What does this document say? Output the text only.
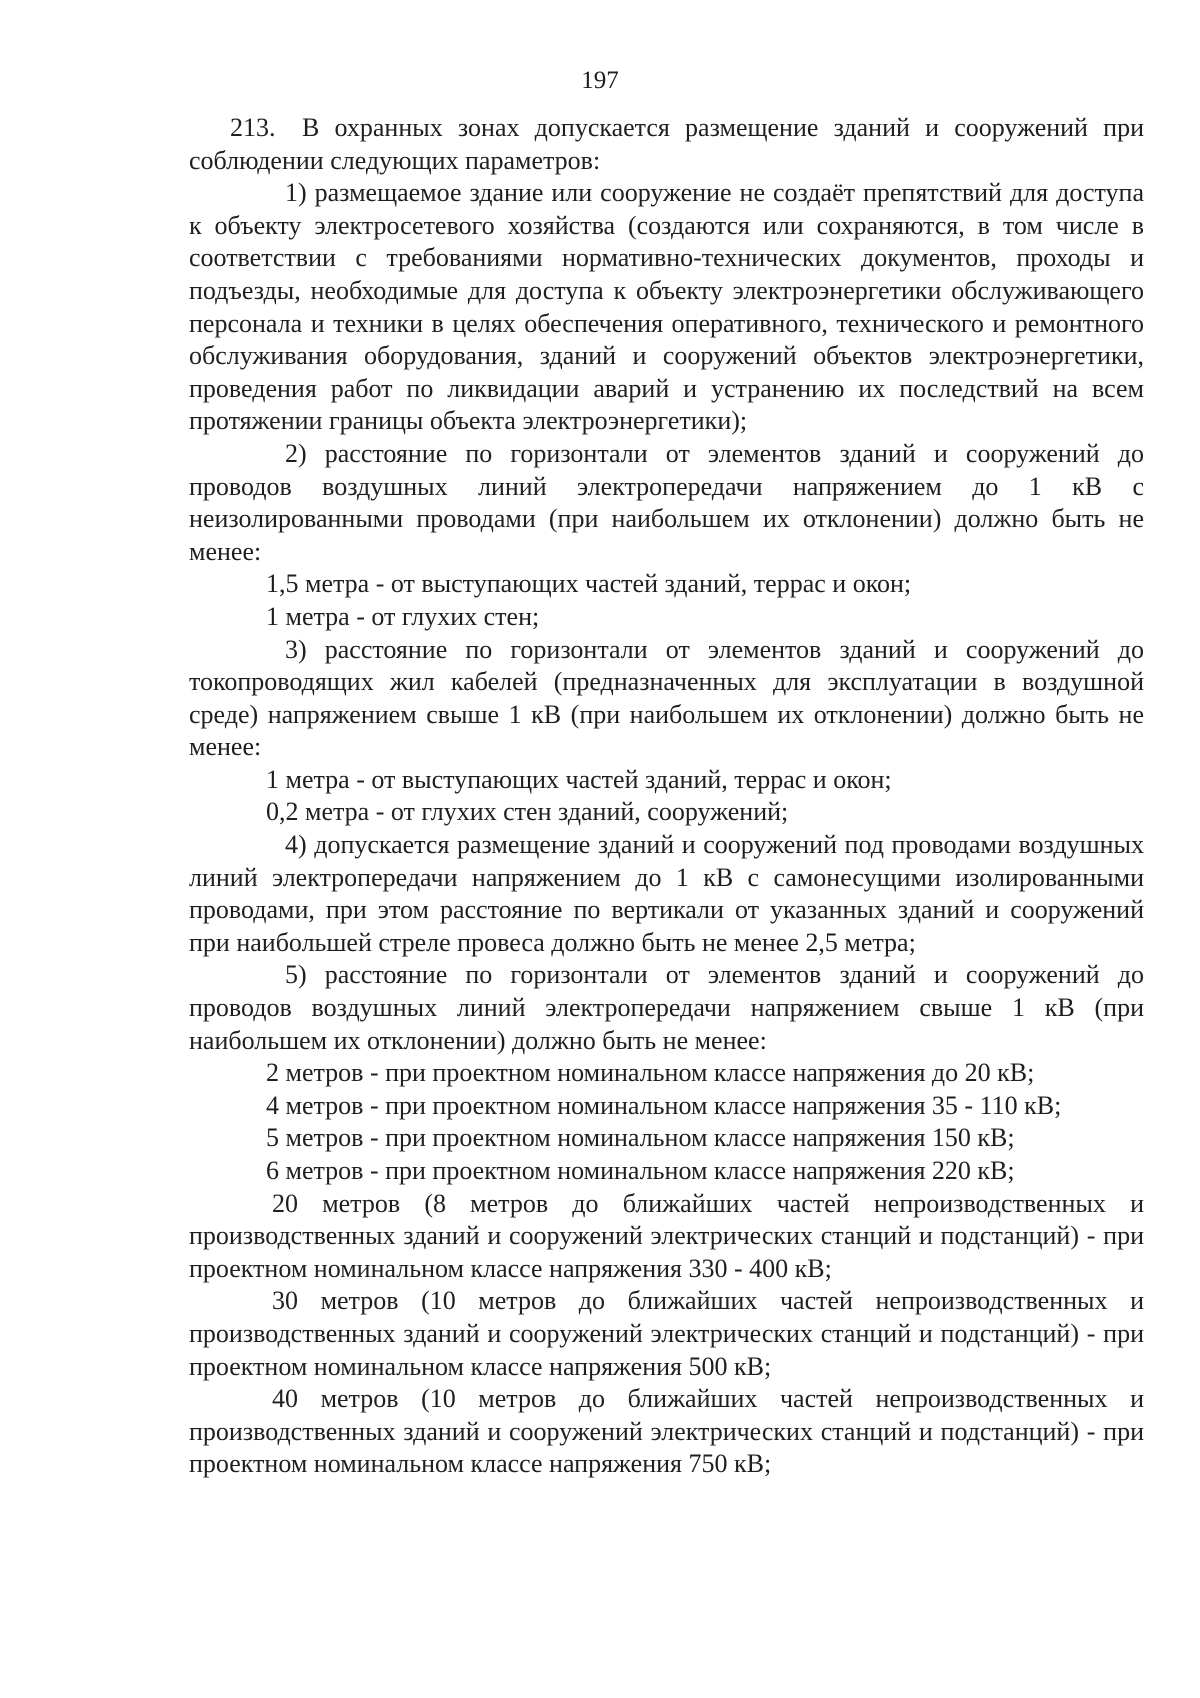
197

213. В охранных зонах допускается размещение зданий и сооружений при соблюдении следующих параметров:

1) размещаемое здание или сооружение не создаёт препятствий для доступа к объекту электросетевого хозяйства (создаются или сохраняются, в том числе в соответствии с требованиями нормативно-технических документов, проходы и подъезды, необходимые для доступа к объекту электроэнергетики обслуживающего персонала и техники в целях обеспечения оперативного, технического и ремонтного обслуживания оборудования, зданий и сооружений объектов электроэнергетики, проведения работ по ликвидации аварий и устранению их последствий на всем протяжении границы объекта электроэнергетики);

2) расстояние по горизонтали от элементов зданий и сооружений до проводов воздушных линий электропередачи напряжением до 1 кВ с неизолированными проводами (при наибольшем их отклонении) должно быть не менее:

1,5 метра - от выступающих частей зданий, террас и окон;

1 метра - от глухих стен;

3) расстояние по горизонтали от элементов зданий и сооружений до токопроводящих жил кабелей (предназначенных для эксплуатации в воздушной среде) напряжением свыше 1 кВ (при наибольшем их отклонении) должно быть не менее:

1 метра - от выступающих частей зданий, террас и окон;

0,2 метра - от глухих стен зданий, сооружений;

4) допускается размещение зданий и сооружений под проводами воздушных линий электропередачи напряжением до 1 кВ с самонесущими изолированными проводами, при этом расстояние по вертикали от указанных зданий и сооружений при наибольшей стреле провеса должно быть не менее 2,5 метра;

5) расстояние по горизонтали от элементов зданий и сооружений до проводов воздушных линий электропередачи напряжением свыше 1 кВ (при наибольшем их отклонении) должно быть не менее:

2 метров - при проектном номинальном классе напряжения до 20 кВ;

4 метров - при проектном номинальном классе напряжения 35 - 110 кВ;

5 метров - при проектном номинальном классе напряжения 150 кВ;

6 метров - при проектном номинальном классе напряжения 220 кВ;

20 метров (8 метров до ближайших частей непроизводственных и производственных зданий и сооружений электрических станций и подстанций) - при проектном номинальном классе напряжения 330 - 400 кВ;

30 метров (10 метров до ближайших частей непроизводственных и производственных зданий и сооружений электрических станций и подстанций) - при проектном номинальном классе напряжения 500 кВ;

40 метров (10 метров до ближайших частей непроизводственных и производственных зданий и сооружений электрических станций и подстанций) - при проектном номинальном классе напряжения 750 кВ;
